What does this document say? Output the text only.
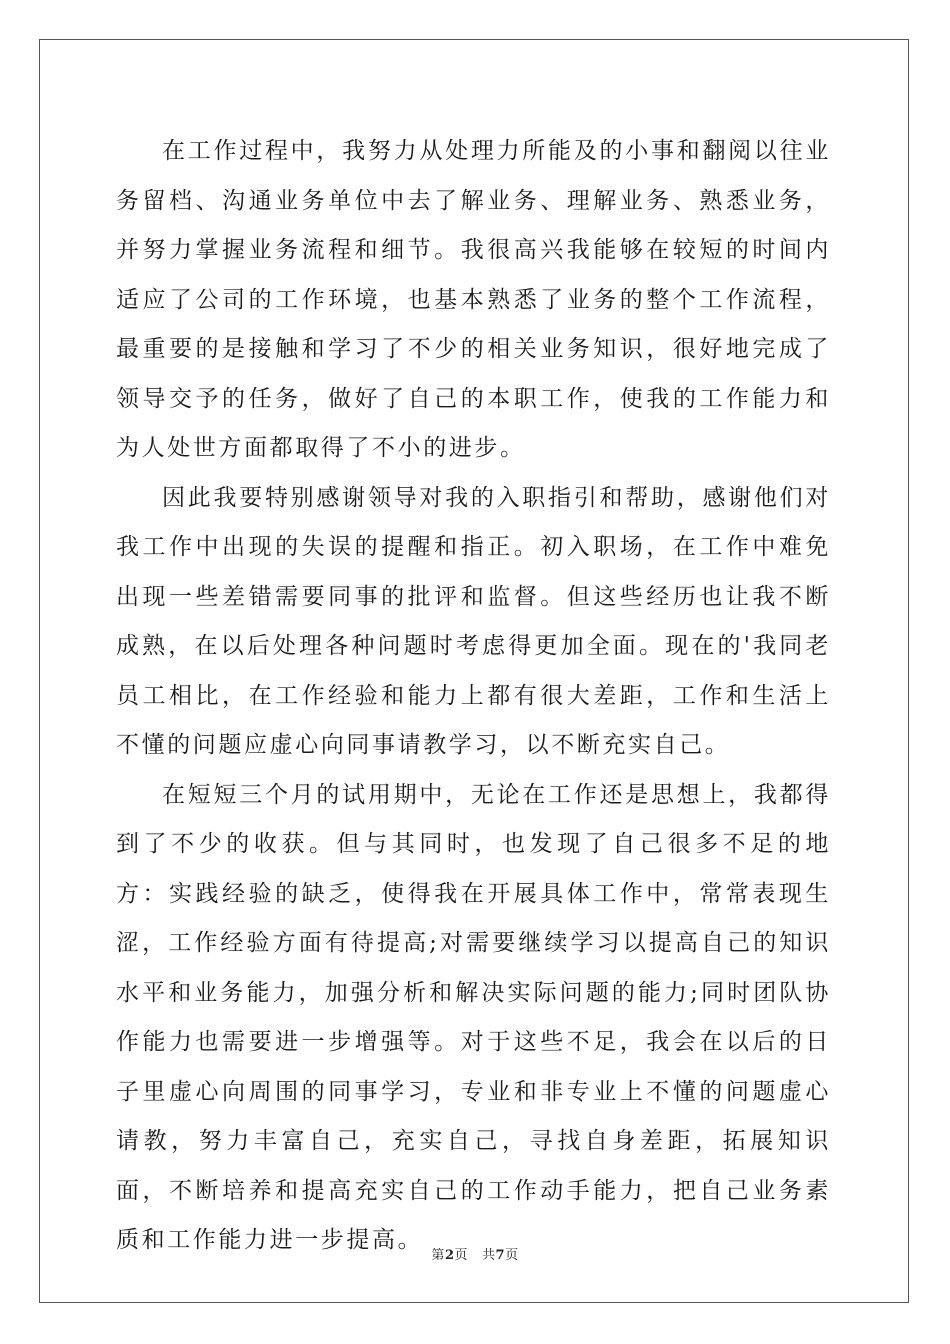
在工作过程中，我努力从处理力所能及的小事和翻阅以往业务留档、沟通业务单位中去了解业务、理解业务、熟悉业务，并努力掌握业务流程和细节。我很高兴我能够在较短的时间内适应了公司的工作环境，也基本熟悉了业务的整个工作流程，最重要的是接触和学习了不少的相关业务知识，很好地完成了领导交予的任务，做好了自己的本职工作，使我的工作能力和为人处世方面都取得了不小的进步。

因此我要特别感谢领导对我的入职指引和帮助，感谢他们对我工作中出现的失误的提醒和指正。初入职场，在工作中难免出现一些差错需要同事的批评和监督。但这些经历也让我不断成熟，在以后处理各种问题时考虑得更加全面。现在的'我同老员工相比，在工作经验和能力上都有很大差距，工作和生活上不懂的问题应虚心向同事请教学习，以不断充实自己。

在短短三个月的试用期中，无论在工作还是思想上，我都得到了不少的收获。但与其同时，也发现了自己很多不足的地方：实践经验的缺乏，使得我在开展具体工作中，常常表现生涩，工作经验方面有待提高;对需要继续学习以提高自己的知识水平和业务能力，加强分析和解决实际问题的能力;同时团队协作能力也需要进一步增强等。对于这些不足，我会在以后的日子里虚心向周围的同事学习，专业和非专业上不懂的问题虚心请教，努力丰富自己，充实自己，寻找自身差距，拓展知识面，不断培养和提高充实自己的工作动手能力，把自己业务素质和工作能力进一步提高。

第2页 共7页
